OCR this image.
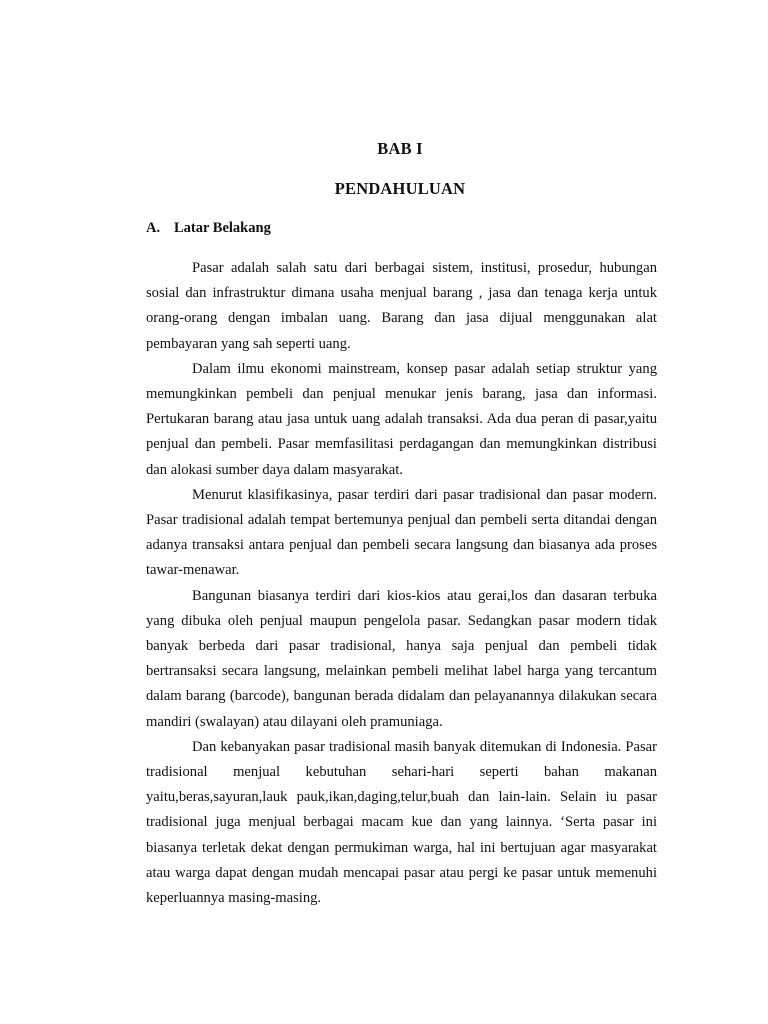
BAB I
PENDAHULUAN
A. Latar Belakang

Pasar adalah salah satu dari berbagai sistem, institusi, prosedur, hubungan sosial dan infrastruktur dimana usaha menjual barang , jasa dan tenaga kerja untuk orang-orang dengan imbalan uang. Barang dan jasa dijual menggunakan alat pembayaran yang sah seperti uang.

Dalam ilmu ekonomi mainstream, konsep pasar adalah setiap struktur yang memungkinkan pembeli dan penjual menukar jenis barang, jasa dan informasi. Pertukaran barang atau jasa untuk uang adalah transaksi. Ada dua peran di pasar,yaitu penjual dan pembeli. Pasar memfasilitasi perdagangan dan memungkinkan distribusi dan alokasi sumber daya dalam masyarakat.

Menurut klasifikasinya, pasar terdiri dari pasar tradisional dan pasar modern. Pasar tradisional adalah tempat bertemunya penjual dan pembeli serta ditandai dengan adanya transaksi antara penjual dan pembeli secara langsung dan biasanya ada proses tawar-menawar.

Bangunan biasanya terdiri dari kios-kios atau gerai,los dan dasaran terbuka yang dibuka oleh penjual maupun pengelola pasar. Sedangkan pasar modern tidak banyak berbeda dari pasar tradisional, hanya saja penjual dan pembeli tidak bertransaksi secara langsung, melainkan pembeli melihat label harga yang tercantum dalam barang (barcode), bangunan berada didalam dan pelayanannya dilakukan secara mandiri (swalayan) atau dilayani oleh pramuniaga.

Dan kebanyakan pasar tradisional masih banyak ditemukan di Indonesia. Pasar tradisional menjual kebutuhan sehari-hari seperti bahan makanan yaitu,beras,sayuran,lauk pauk,ikan,daging,telur,buah dan lain-lain. Selain iu pasar tradisional juga menjual berbagai macam kue dan yang lainnya. ‘Serta pasar ini biasanya terletak dekat dengan permukiman warga, hal ini bertujuan agar masyarakat atau warga dapat dengan mudah mencapai pasar atau pergi ke pasar untuk memenuhi keperluannya masing-masing.
